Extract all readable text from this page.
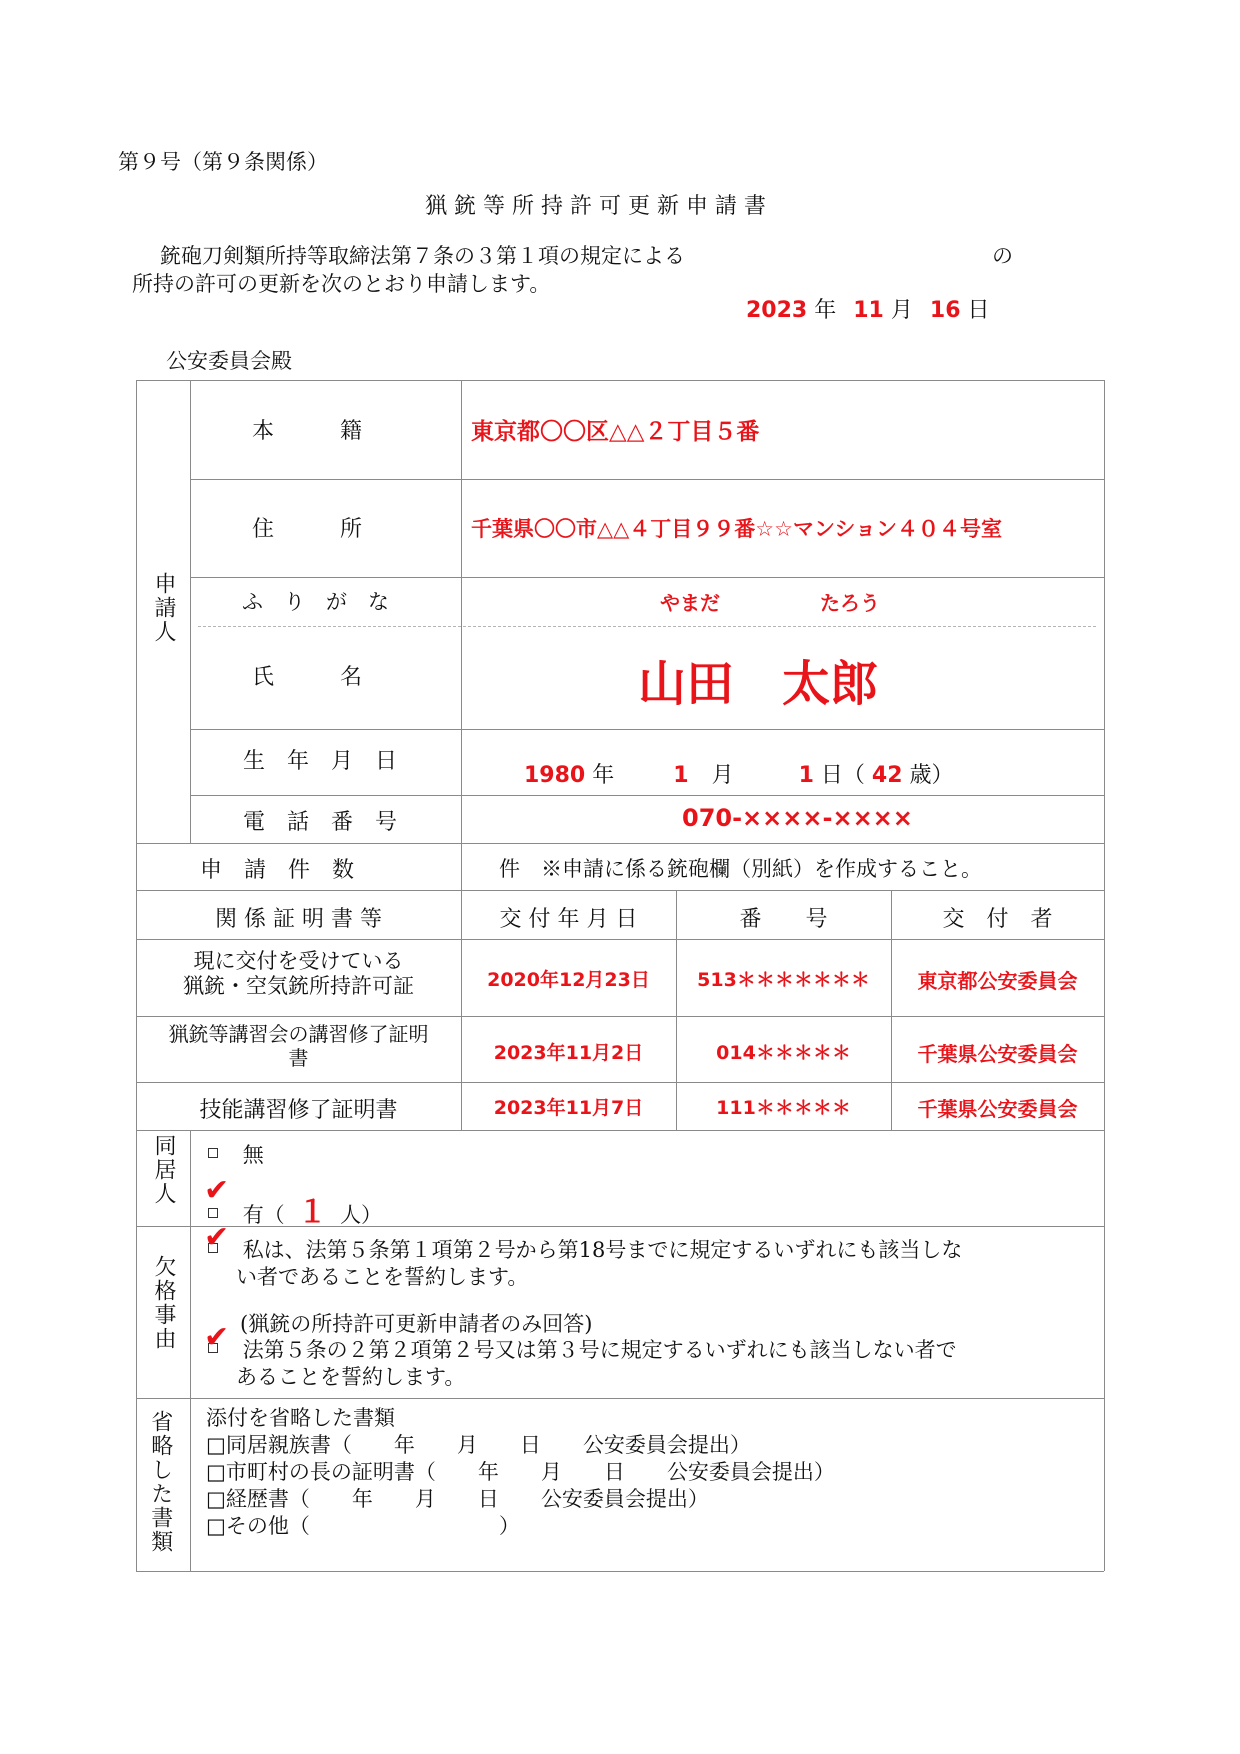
第９号（第９条関係）
猟 銃 等 所 持 許 可 更 新 申 請 書
銃砲刀剣類所持等取締法第７条の３第１項の規定による	の
所持の許可の更新を次のとおり申請します。
2023 年 11 月 16 日
公安委員会殿
申請人
本　　　籍	東京都〇〇区△△２丁目５番
住　　　所	千葉県〇〇市△△４丁目９９番☆☆マンション４０４号室
ふ　り　が　な	やまだ	たろう
氏　　　名	山田　太郎
生　年　月　日
1980 年	1 月	1 日（ 42 歳）
電　話　番　号	070-××××-××××
申　請　件　数	件　※申請に係る銃砲欄（別紙）を作成すること。
関 係 証 明 書 等	交 付 年 月 日	番　　号	交　付　者
現に交付を受けている
猟銃・空気銃所持許可証	2020年12月23日	513＊＊＊＊＊＊＊	東京都公安委員会
猟銃等講習会の講習修了証明
書	2023年11月2日	014＊＊＊＊＊	千葉県公安委員会
技能講習修了証明書	2023年11月7日	111＊＊＊＊＊	千葉県公安委員会
同居人	無
有（ １ 人）
✔
欠格事由
私は、法第５条第１項第２号から第18号までに規定するいずれにも該当しな
✔
い者であることを誓約します。
(猟銃の所持許可更新申請者のみ回答)
法第５条の２第２項第２号又は第３号に規定するいずれにも該当しない者で
✔
あることを誓約します。
省略した書類 添付を省略した書類
□同居親族書（　　年　　月　　日　　公安委員会提出）
□市町村の長の証明書（　　年　　月　　日　　公安委員会提出）
□経歴書（　　年　　月　　日　　公安委員会提出）
□その他（　　　　　　　　　）
